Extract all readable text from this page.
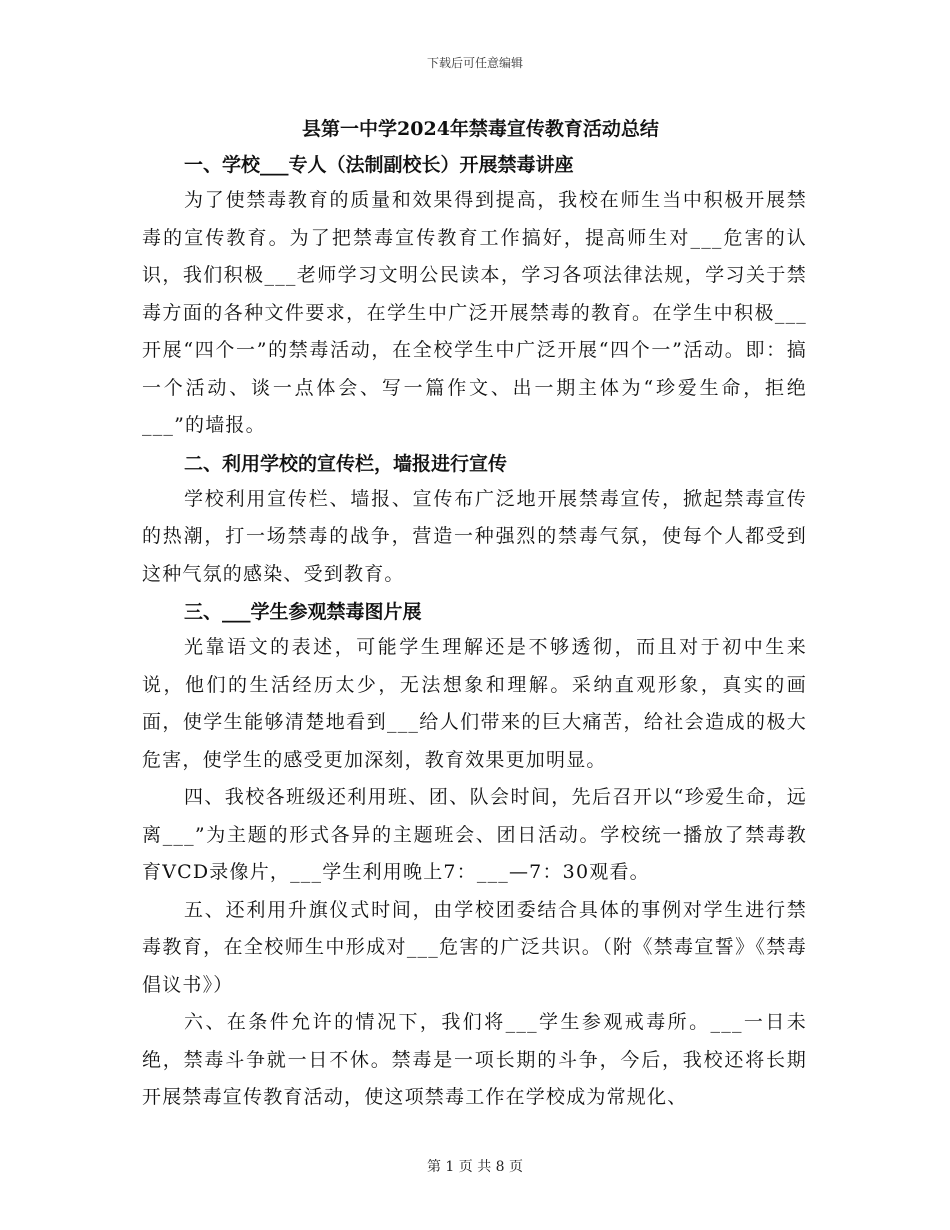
下载后可任意编辑
县第一中学2024年禁毒宣传教育活动总结
一、学校___专人（法制副校长）开展禁毒讲座

为了使禁毒教育的质量和效果得到提高，我校在师生当中积极开展禁毒的宣传教育。为了把禁毒宣传教育工作搞好，提高师生对___危害的认识，我们积极___老师学习文明公民读本，学习各项法律法规，学习关于禁毒方面的各种文件要求，在学生中广泛开展禁毒的教育。在学生中积极___开展“四个一”的禁毒活动，在全校学生中广泛开展“四个一”活动。即：搞一个活动、谈一点体会、写一篇作文、出一期主体为“珍爱生命，拒绝___”的墙报。

二、利用学校的宣传栏，墙报进行宣传

学校利用宣传栏、墙报、宣传布广泛地开展禁毒宣传，掀起禁毒宣传的热潮，打一场禁毒的战争，营造一种强烈的禁毒气氛，使每个人都受到这种气氛的感染、受到教育。

三、___学生参观禁毒图片展

光靠语文的表述，可能学生理解还是不够透彻，而且对于初中生来说，他们的生活经历太少，无法想象和理解。采纳直观形象，真实的画面，使学生能够清楚地看到___给人们带来的巨大痛苦，给社会造成的极大危害，使学生的感受更加深刻，教育效果更加明显。

四、我校各班级还利用班、团、队会时间，先后召开以“珍爱生命，远离___”为主题的形式各异的主题班会、团日活动。学校统一播放了禁毒教育VCD录像片，___学生利用晚上7：___—7：30观看。

五、还利用升旗仪式时间，由学校团委结合具体的事例对学生进行禁毒教育，在全校师生中形成对___危害的广泛共识。（附《禁毒宣誓》《禁毒倡议书》）

六、在条件允许的情况下，我们将___学生参观戒毒所。___一日未绝，禁毒斗争就一日不休。禁毒是一项长期的斗争，今后，我校还将长期开展禁毒宣传教育活动，使这项禁毒工作在学校成为常规化、

第 1 页 共 8 页
